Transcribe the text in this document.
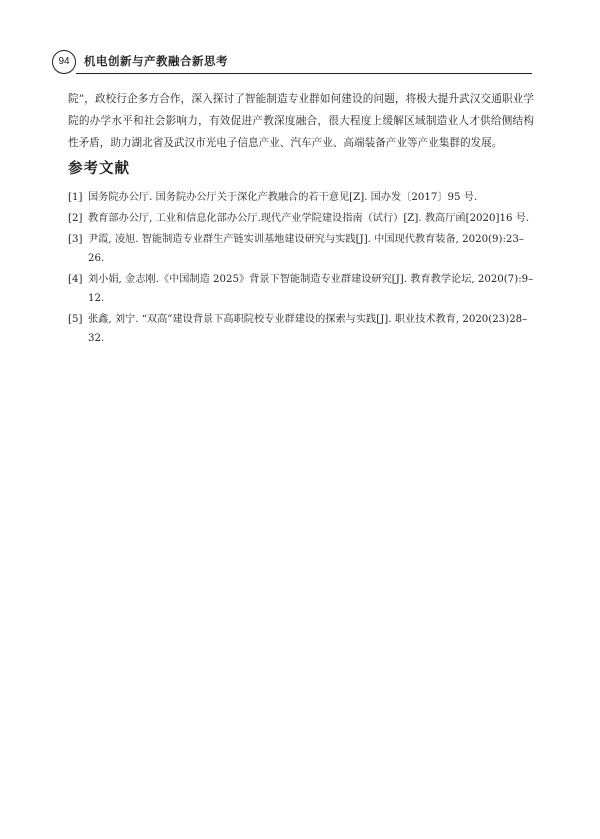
94	机电创新与产教融合新思考

院”，政校行企多方合作，深入探讨了智能制造专业群如何建设的问题，将极大提升武汉交通职业学院的办学水平和社会影响力，有效促进产教深度融合，很大程度上缓解区域制造业人才供给侧结构性矛盾，助力湖北省及武汉市光电子信息产业、汽车产业、高端装备产业等产业集群的发展。

参考文献
[1] 国务院办公厅. 国务院办公厅关于深化产教融合的若干意见[Z]. 国办发〔2017〕95 号.
[2] 教育部办公厅, 工业和信息化部办公厅.现代产业学院建设指南（试行）[Z]. 教高厅函[2020]16 号.
[3] 尹霞, 凌旭. 智能制造专业群生产链实训基地建设研究与实践[J]. 中国现代教育装备, 2020(9):23–26.
[4] 刘小娟, 金志刚.《中国制造 2025》背景下智能制造专业群建设研究[J]. 教育教学论坛, 2020(7):9–12.
[5] 张鑫, 刘宁. “双高”建设背景下高职院校专业群建设的探索与实践[J]. 职业技术教育, 2020(23)28–32.
